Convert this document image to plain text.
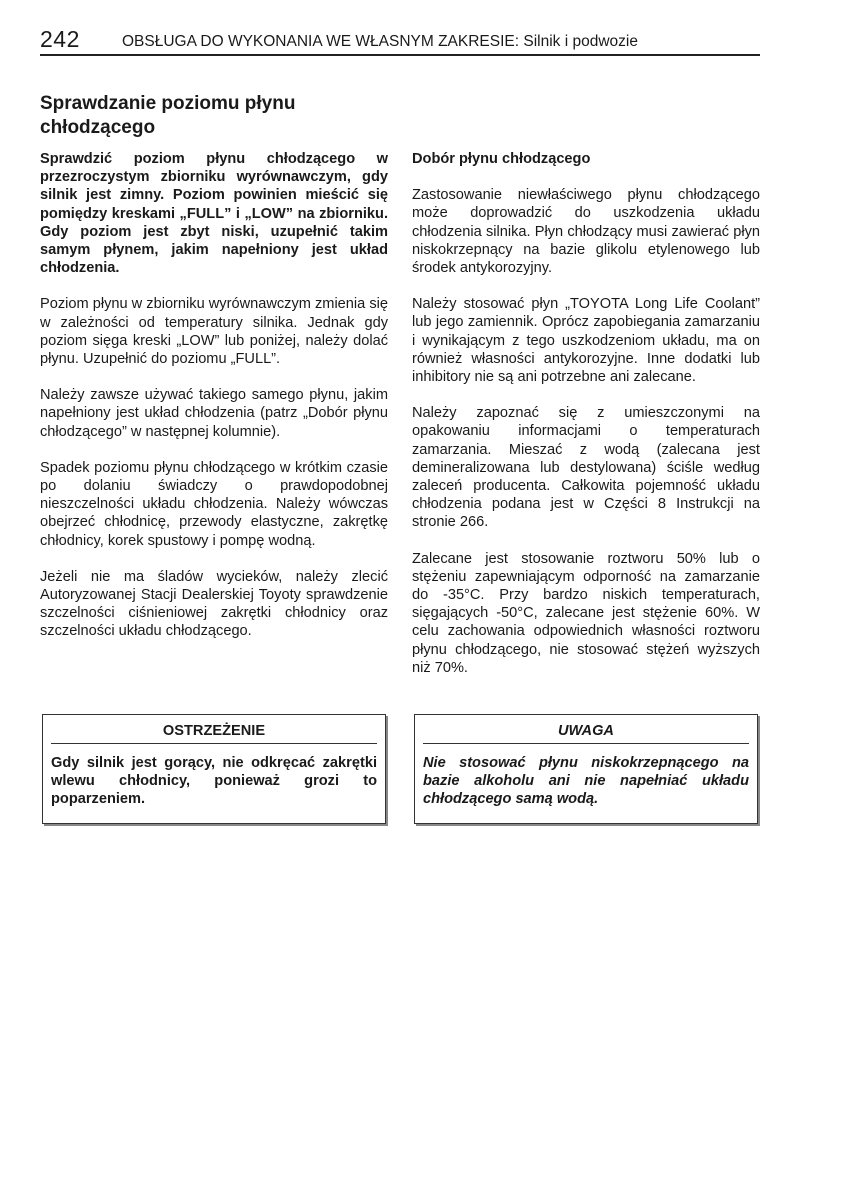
242	OBSŁUGA DO WYKONANIA WE WŁASNYM ZAKRESIE: Silnik i podwozie
Sprawdzanie poziomu płynu chłodzącego

Sprawdzić poziom płynu chłodzącego w przezroczystym zbiorniku wyrównawczym, gdy silnik jest zimny. Poziom powinien mieścić się pomiędzy kreskami „FULL” i „LOW” na zbiorniku. Gdy poziom jest zbyt niski, uzupełnić takim samym płynem, jakim napełniony jest układ chłodzenia.

Poziom płynu w zbiorniku wyrównawczym zmienia się w zależności od temperatury silnika. Jednak gdy poziom sięga kreski „LOW” lub poniżej, należy dolać płynu. Uzupełnić do poziomu „FULL”.

Należy zawsze używać takiego samego płynu, jakim napełniony jest układ chłodzenia (patrz „Dobór płynu chłodzącego” w następnej kolumnie).

Spadek poziomu płynu chłodzącego w krótkim czasie po dolaniu świadczy o prawdopodobnej nieszczelności układu chłodzenia. Należy wówczas obejrzeć chłodnicę, przewody elastyczne, zakrętkę chłodnicy, korek spustowy i pompę wodną.

Jeżeli nie ma śladów wycieków, należy zlecić Autoryzowanej Stacji Dealerskiej Toyoty sprawdzenie szczelności ciśnieniowej zakrętki chłodnicy oraz szczelności układu chłodzącego.

Dobór płynu chłodzącego

Zastosowanie niewłaściwego płynu chłodzącego może doprowadzić do uszkodzenia układu chłodzenia silnika. Płyn chłodzący musi zawierać płyn niskokrzepnący na bazie glikolu etylenowego lub środek antykorozyjny.

Należy stosować płyn „TOYOTA Long Life Coolant” lub jego zamiennik. Oprócz zapobiegania zamarzaniu i wynikającym z tego uszkodzeniom układu, ma on również własności antykorozyjne. Inne dodatki lub inhibitory nie są ani potrzebne ani zalecane.

Należy zapoznać się z umieszczonymi na opakowaniu informacjami o temperaturach zamarzania. Mieszać z wodą (zalecana jest demineralizowana lub destylowana) ściśle według zaleceń producenta. Całkowita pojemność układu chłodzenia podana jest w Części 8 Instrukcji na stronie 266.

Zalecane jest stosowanie roztworu 50% lub o stężeniu zapewniającym odporność na zamarzanie do -35°C. Przy bardzo niskich temperaturach, sięgających -50°C, zalecane jest stężenie 60%. W celu zachowania odpowiednich własności roztworu płynu chłodzącego, nie stosować stężeń wyższych niż 70%.

OSTRZEŻENIE
Gdy silnik jest gorący, nie odkręcać zakrętki wlewu chłodnicy, ponieważ grozi to poparzeniem.
UWAGA
Nie stosować płynu niskokrzepnącego na bazie alkoholu ani nie napełniać układu chłodzącego samą wodą.
